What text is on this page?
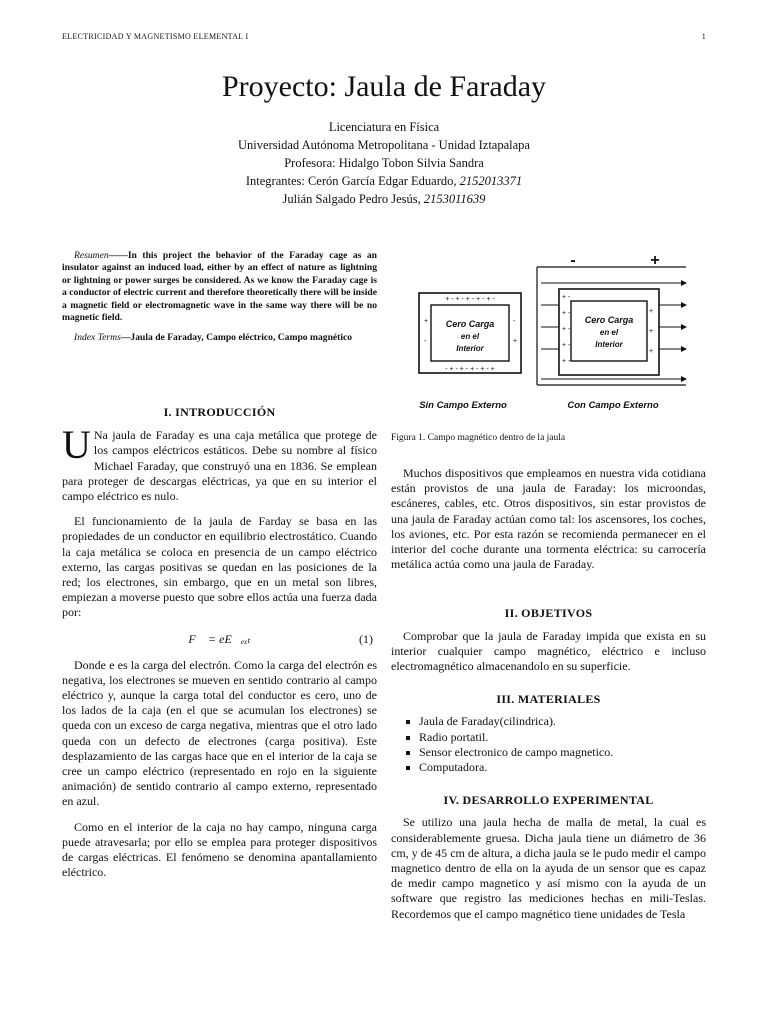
ELECTRICIDAD Y MAGNETISMO ELEMENTAL I	1
Proyecto: Jaula de Faraday
Licenciatura en Física
Universidad Autónoma Metropolitana - Unidad Iztapalapa
Profesora: Hidalgo Tobon Silvia Sandra
Integrantes: Cerón García Edgar Eduardo, 2152013371
Julián Salgado Pedro Jesús, 2153011639

Resumen——In this project the behavior of the Faraday cage as an insulator against an induced load, either by an effect of nature as lightning or lightning or power surges be considered. As we know the Faraday cage is a conductor of electric current and therefore theoretically there will be inside a magnetic field or electromagnetic wave in the same way there will be no magnetic field.

Index Terms—Jaula de Faraday, Campo eléctrico, Campo magnético

I. INTRODUCCIÓN
U Na jaula de Faraday es una caja metálica que protege de los campos eléctricos estáticos. Debe su nombre al físico Michael Faraday, que construyó una en 1836. Se emplean para proteger de descargas eléctricas, ya que en su interior el campo eléctrico es nulo.

El funcionamiento de la jaula de Farday se basa en las propiedades de un conductor en equilibrio electrostático. Cuando la caja metálica se coloca en presencia de un campo eléctrico externo, las cargas positivas se quedan en las posiciones de la red; los electrones, sin embargo, que en un metal son libres, empiezan a moverse puesto que sobre ellos actúa una fuerza dada por:

F⃗ = eE⃗ₑₓₜ	(1)

Donde e es la carga del electrón. Como la carga del electrón es negativa, los electrones se mueven en sentido contrario al campo eléctrico y, aunque la carga total del conductor es cero, uno de los lados de la caja (en el que se acumulan los electrones) se queda con un exceso de carga negativa, mientras que el otro lado queda con un defecto de electrones (carga positiva). Este desplazamiento de las cargas hace que en el interior de la caja se cree un campo eléctrico (representado en rojo en la siguiente animación) de sentido contrario al campo externo, representado en azul.

Como en el interior de la caja no hay campo, ninguna carga puede atravesarla; por ello se emplea para proteger dispositivos de cargas eléctricas. El fenómeno se denomina apantallamiento eléctrico.

+ - + - + - + - + -
- + - + - + - + - +
+
-
-
+
Cero Carga
en el
Interior
-	+
+ -
+ -
+ -
+ -
+ -
+
+
+
Cero Carga
en el
Interior
Sin Campo Externo	Con Campo Externo
Figura 1. Campo magnético dentro de la jaula

Muchos dispositivos que empleamos en nuestra vida cotidiana están provistos de una jaula de Faraday: los microondas, escáneres, cables, etc. Otros dispositivos, sin estar provistos de una jaula de Faraday actúan como tal: los ascensores, los coches, los aviones, etc. Por esta razón se recomienda permanecer en el interior del coche durante una tormenta eléctrica: su carrocería metálica actúa como una jaula de Faraday.

II. OBJETIVOS

Comprobar que la jaula de Faraday impida que exista en su interior cualquier campo magnético, eléctrico e incluso electromagnético almacenandolo en su superficie.

III. MATERIALES
Jaula de Faraday(cilindrica).
Radio portatil.
Sensor electronico de campo magnetico.
Computadora.
IV. DESARROLLO EXPERIMENTAL

Se utilizo una jaula hecha de malla de metal, la cual es considerablemente gruesa. Dicha jaula tiene un diámetro de 36 cm, y de 45 cm de altura, a dicha jaula se le pudo medir el campo magnetico dentro de ella on la ayuda de un sensor que es capaz de medir campo magnetico y así mismo con la ayuda de un software que registro las mediciones hechas en mili-Teslas. Recordemos que el campo magnético tiene unidades de Tesla
